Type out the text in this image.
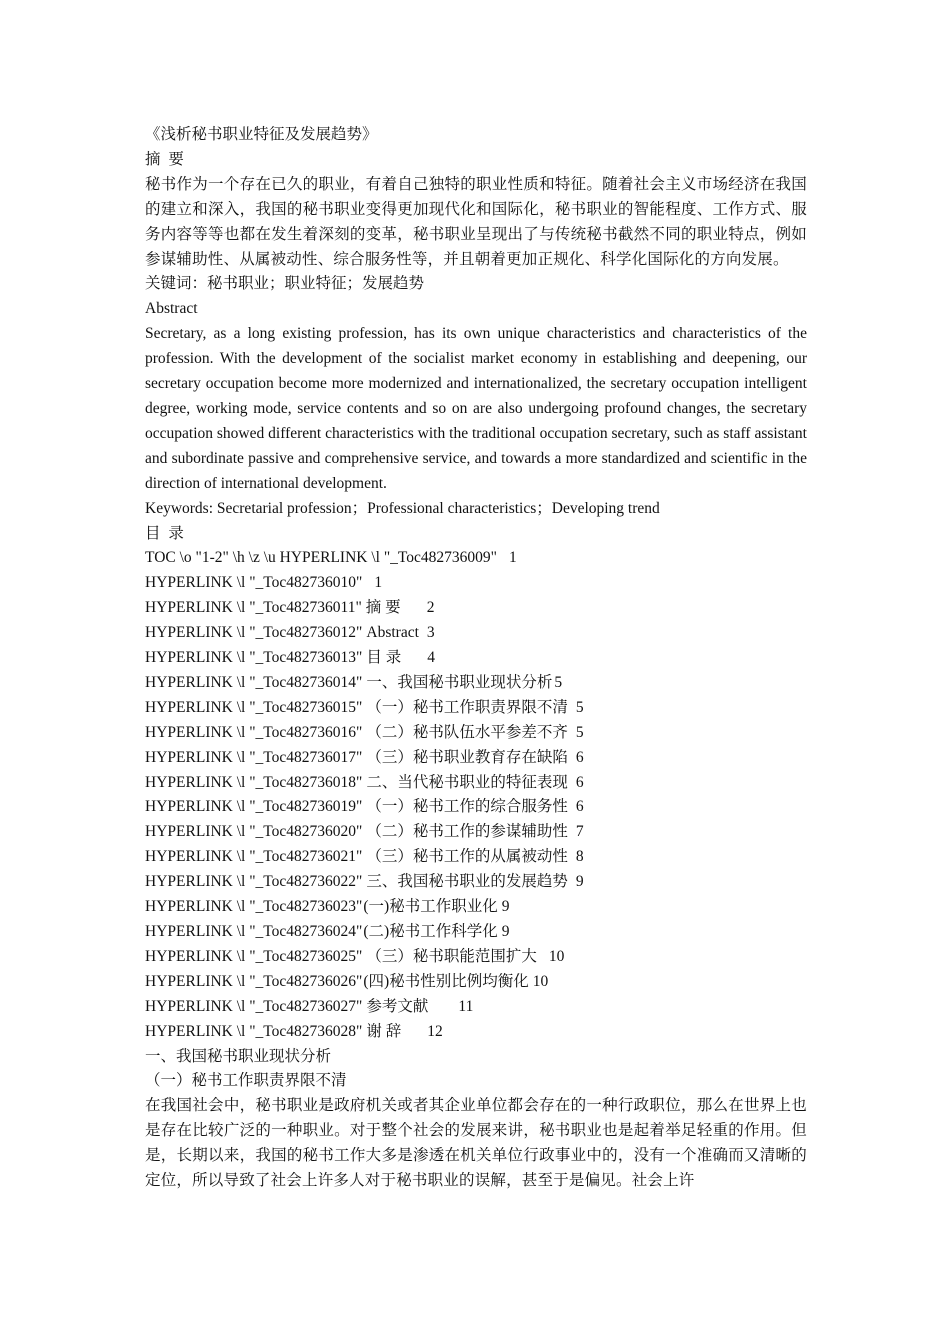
《浅析秘书职业特征及发展趋势》

摘 要

秘书作为一个存在已久的职业，有着自己独特的职业性质和特征。随着社会主义市场经济在我国的建立和深入，我国的秘书职业变得更加现代化和国际化，秘书职业的智能程度、工作方式、服务内容等等也都在发生着深刻的变革，秘书职业呈现出了与传统秘书截然不同的职业特点，例如参谋辅助性、从属被动性、综合服务性等，并且朝着更加正规化、科学化国际化的方向发展。

关键词：秘书职业；职业特征；发展趋势

Abstract

Secretary, as a long existing profession, has its own unique characteristics and characteristics of the profession. With the development of the socialist market economy in establishing and deepening, our secretary occupation become more modernized and internationalized, the secretary occupation intelligent degree, working mode, service contents and so on are also undergoing profound changes, the secretary occupation showed different characteristics with the traditional occupation secretary, such as staff assistant and subordinate passive and comprehensive service, and towards a more standardized and scientific in the direction of international development.

Keywords: Secretarial profession；Professional characteristics；Developing trend

目 录

TOC \o "1-2" \h \z \u HYPERLINK \l "_Toc482736009" 1

HYPERLINK \l "_Toc482736010" 1

HYPERLINK \l "_Toc482736011" 摘 要 2

HYPERLINK \l "_Toc482736012" Abstract 3

HYPERLINK \l "_Toc482736013" 目 录 4

HYPERLINK \l "_Toc482736014" 一、我国秘书职业现状分析 5

HYPERLINK \l "_Toc482736015" （一）秘书工作职责界限不清 5

HYPERLINK \l "_Toc482736016" （二）秘书队伍水平参差不齐 5

HYPERLINK \l "_Toc482736017" （三）秘书职业教育存在缺陷 6

HYPERLINK \l "_Toc482736018" 二、当代秘书职业的特征表现 6

HYPERLINK \l "_Toc482736019" （一）秘书工作的综合服务性 6

HYPERLINK \l "_Toc482736020" （二）秘书工作的参谋辅助性 7

HYPERLINK \l "_Toc482736021" （三）秘书工作的从属被动性 8

HYPERLINK \l "_Toc482736022" 三、我国秘书职业的发展趋势 9

HYPERLINK \l "_Toc482736023"(一)秘书工作职业化 9

HYPERLINK \l "_Toc482736024"(二)秘书工作科学化 9

HYPERLINK \l "_Toc482736025" （三）秘书职能范围扩大 10

HYPERLINK \l "_Toc482736026"(四)秘书性别比例均衡化 10

HYPERLINK \l "_Toc482736027" 参考文献 11

HYPERLINK \l "_Toc482736028" 谢 辞 12

一、我国秘书职业现状分析

（一）秘书工作职责界限不清

在我国社会中，秘书职业是政府机关或者其企业单位都会存在的一种行政职位，那么在世界上也是存在比较广泛的一种职业。对于整个社会的发展来讲，秘书职业也是起着举足轻重的作用。但是，长期以来，我国的秘书工作大多是渗透在机关单位行政事业中的，没有一个准确而又清晰的定位，所以导致了社会上许多人对于秘书职业的误解，甚至于是偏见。社会上许
